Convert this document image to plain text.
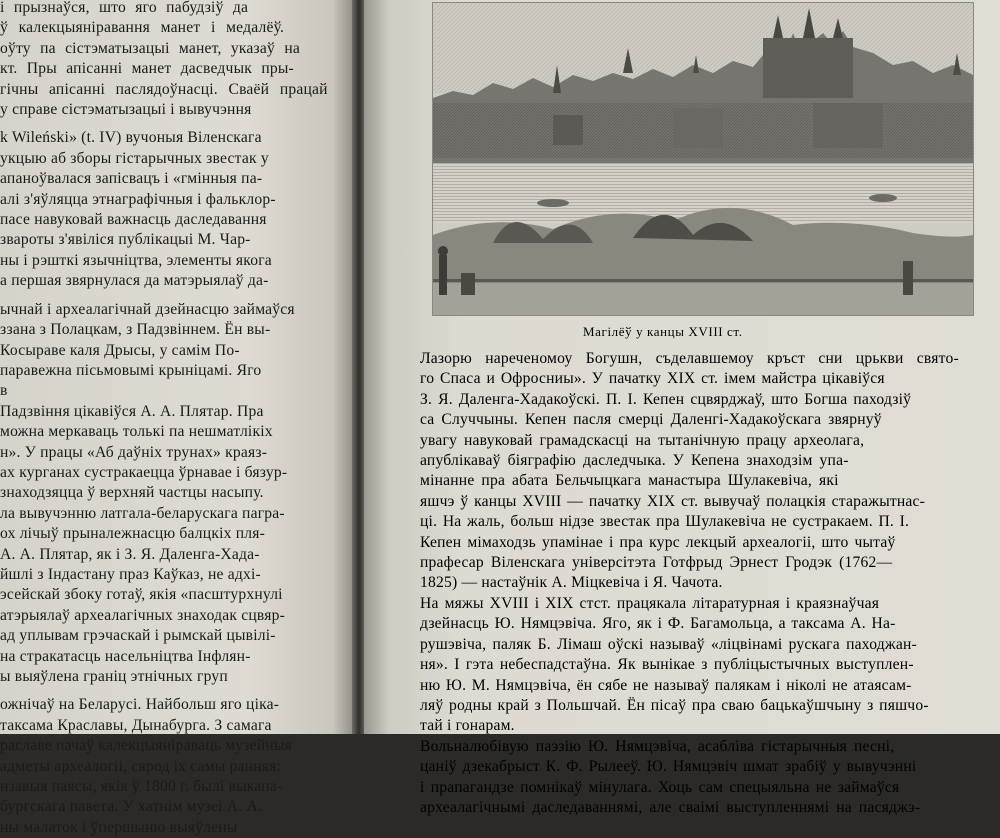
і прызнаўся, што яго пабудзіў да

ў калекцыянiравання манет і медалёў.

оўту па сістэматызацыі манет, указаў на

кт. Пры апісанні манет дасведчык пры-

гічны апісанні паслядоўнасці. Сваёй працай

у справе сістэматызацыі і вывучэння

k Wileński» (t. IV) вучоныя Віленскага

укцыю аб зборы гістарычных звестак у

апаноўвалася запісвацъ і «гмінныя па-

алі з'яўляцца этнаграфічныя і фальклор-

пасе навуковай важнасць даследавання

звароты з'явіліся публікацыі М. Чар-

ны і рэшткі язычніцтва, элементы якога

а першая звярнулася да матэрыялаў да-

ычнай і археалагічнай дзейнасцю займаўся

ззана з Полацкам, з Падзвіннем. Ён вы-

Косыраве каля Дрысы, у самім По-

паравежна пісьмовымі крыніцамі. Яго

в

Падзвіння цікавіўся А. А. Плятар. Пра

можна меркаваць толькі па нешматлікіх

н». У працы «Аб даўніх трунах» краяз-

ах курганах сустракаецца ўрнавае і бязур-

знаходзяцца ў верхняй частцы насыпу.

ла вывучэнню латгала-беларускага пагра-

ох лічыў прыналежнасцю балцкіх пля-

А. А. Плятар, як і З. Я. Даленга-Хада-

йшлі з Індастану праз Каўказ, не адхі-

эсейскай збоку готаў, якія «пасштурхнулі

атэрыялаў археалагічных знаходак сцвяр-

ад уплывам грэчаскай і рымскай цывілі-

на стракатасць насельніцтва Інфлян-

ы выяўлена граніц этнічных груп

ожнічаў на Беларусі. Найбольш яго ціка-

таксама Краславы, Дынабургa. З самага

раславе пачаў калекцыяніраваць музейныя

адметы археалогіі, сярод іх самы ранняя:

нзавыя паясы, якія ў 1800 г. былі выкапа-

бургскага павета. У хатнім музеі А. А.

ны малаток і ўпершыню выяўлены

Магілёў у канцы XVIII ст.

Лазорю нареченомоу Богушн, съделавшемоу кръст сни црькви свято-

го Спаса и Офросниы». У пачатку XIX ст. імем майстра цікавіўся

З. Я. Даленга-Хадакоўскі. П. І. Кепен сцвярджаў, што Богша паходзіў

са Случчыны. Кепен пасля смерці Даленгі-Хадакоўскага звярнуў

увагу навуковай грамадскасці на тытанічную працу археолага,

апублікаваў біяграфію даследчыка. У Кепена знаходзім упа-

мінанне пра абата Бельчыцкага манастыра Шулакевіча, які

яшчэ ў канцы XVIII — пачатку XIX ст. вывучаў полацкія старажытнас-

ці. На жаль, больш нідзе звестак пра Шулакевіча не сустракаем. П. І.

Кепен мімаходзь упамінае і пра курс лекцый археалогіі, што чытаў

прафесар Віленскага універсітэта Готфрыд Эрнест Гродэк (1762—

1825) — настаўнік А. Міцкевіча і Я. Чачота.

На мяжы XVIII і XIX стст. працякала літаратурная і краязнаўчая

дзейнасць Ю. Нямцэвіча. Ягo, як і Ф. Багамольца, а таксама А. На-

рушэвіча, паляк Б. Лімаш оўскі называў «ліцвінамі рускага паходжан-

ня». І гэта небеспадстаўна. Як вынікае з публіцыстычных выступлен-

ню Ю. М. Нямцэвіча, ён сябе не называў палякам і ніколі не атаясам-

ляў родны край з Польшчай. Ён пісаў пра сваю бацькаўшчыну з пяшчо-

тай і гонарам.

Вольналюбівую паэзію Ю. Нямцэвіча, асабліва гістарычныя песні,

цаніў дзекабрыст К. Ф. Рылееў. Ю. Нямцэвіч шмат зрабіў у вывучэнні

і прапагандзе помнікаў мінулага. Хоць сам спецыяльна не займаўся

археалагічнымі даследаваннямі, але сваімі выступленнямі на пасяджэ-
